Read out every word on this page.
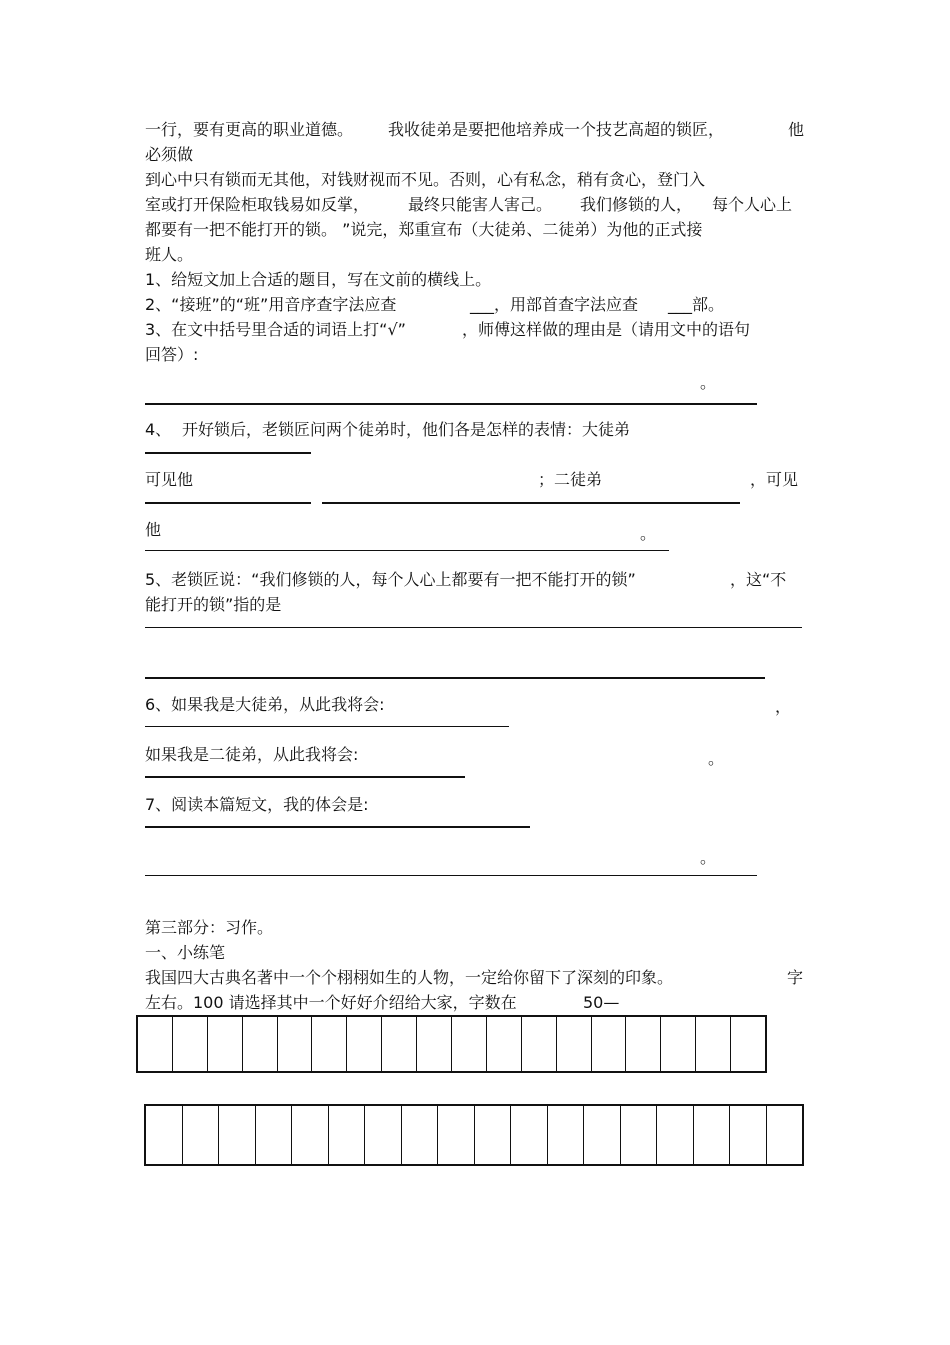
一行，要有更高的职业道德。 我收徒弟是要把他培养成一个技艺高超的锁匠，	他
必须做
到心中只有锁而无其他，对钱财视而不见。否则，心有私念，稍有贪心，登门入
室或打开保险柜取钱易如反掌， 最终只能害人害己。 我们修锁的人， 每个人心上
都要有一把不能打开的锁。 ”说完，郑重宣布（大徒弟、二徒弟）为他的正式接
班人。
1、给短文加上合适的题目，写在文前的横线上。
2、“接班”的“班”用音序查字法应查	___，用部首查字法应查 ___部。
3、在文中括号里合适的词语上打“√”	，师傅这样做的理由是（请用文中的语句
回答）:
。
4、 开好锁后，老锁匠问两个徒弟时，他们各是怎样的表情：大徒弟
可见他	；二徒弟	，可见
他	。
5、老锁匠说：“我们修锁的人，每个人心上都要有一把不能打开的锁”	，这“不
能打开的锁”指的是
6、如果我是大徒弟，从此我将会:	，
如果我是二徒弟，从此我将会:	。
7、阅读本篇短文，我的体会是:
。
第三部分：习作。
一、小练笔
我国四大古典名著中一个个栩栩如生的人物，一定给你留下了深刻的印象。	字
左右。100 请选择其中一个好好介绍给大家，字数在	50—
